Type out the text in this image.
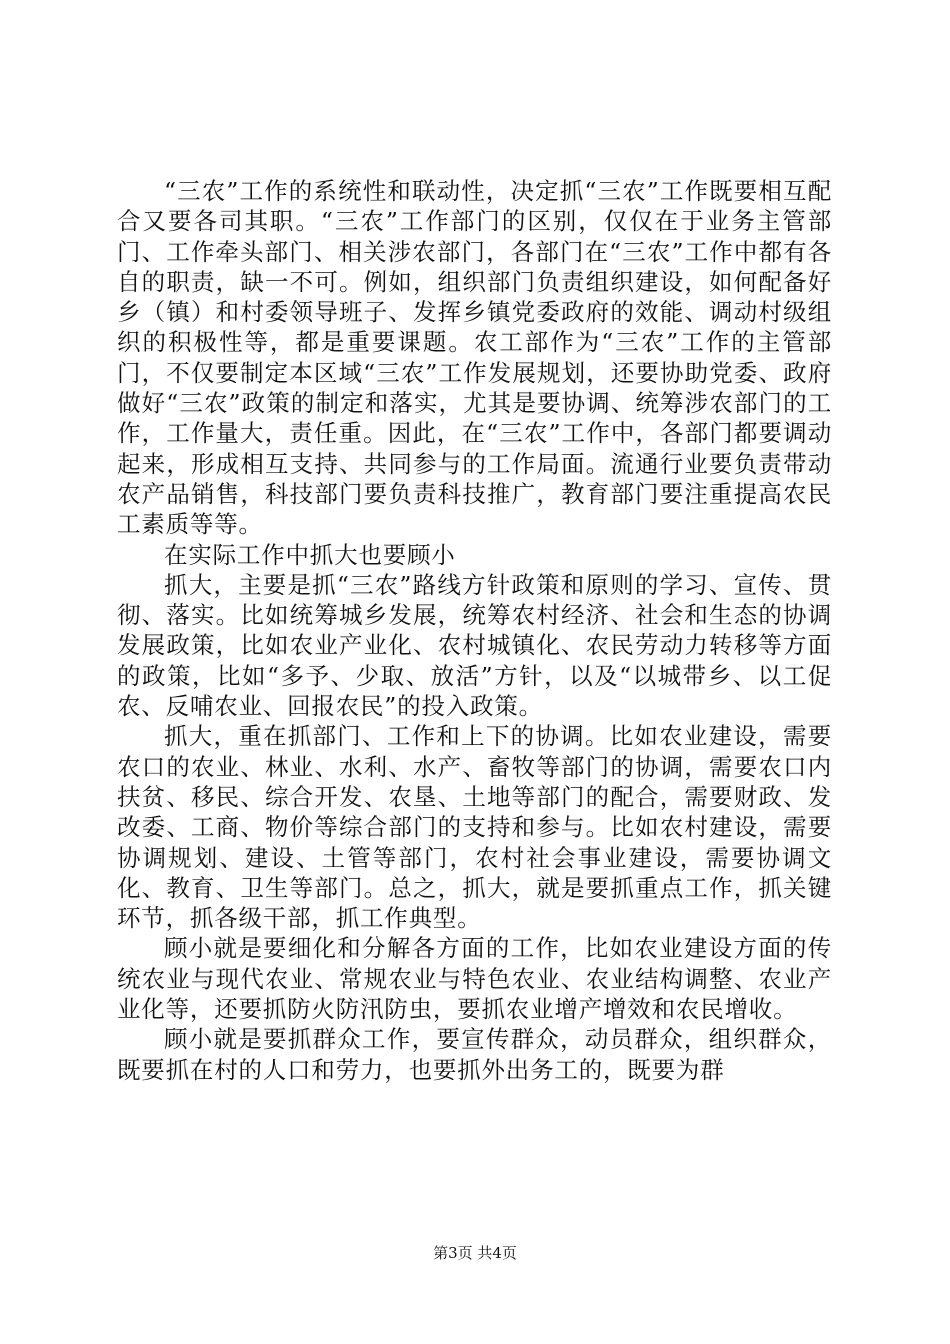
“三农”工作的系统性和联动性，决定抓“三农”工作既要相互配合又要各司其职。“三农”工作部门的区别，仅仅在于业务主管部门、工作牵头部门、相关涉农部门，各部门在“三农”工作中都有各自的职责，缺一不可。例如，组织部门负责组织建设，如何配备好乡（镇）和村委领导班子、发挥乡镇党委政府的效能、调动村级组织的积极性等，都是重要课题。农工部作为“三农”工作的主管部门，不仅要制定本区域“三农”工作发展规划，还要协助党委、政府做好“三农”政策的制定和落实，尤其是要协调、统筹涉农部门的工作，工作量大，责任重。因此，在“三农”工作中，各部门都要调动起来，形成相互支持、共同参与的工作局面。流通行业要负责带动农产品销售，科技部门要负责科技推广，教育部门要注重提高农民工素质等等。

在实际工作中抓大也要顾小

抓大，主要是抓“三农”路线方针政策和原则的学习、宣传、贯彻、落实。比如统筹城乡发展，统筹农村经济、社会和生态的协调发展政策，比如农业产业化、农村城镇化、农民劳动力转移等方面的政策，比如“多予、少取、放活”方针，以及“以城带乡、以工促农、反哺农业、回报农民”的投入政策。

抓大，重在抓部门、工作和上下的协调。比如农业建设，需要农口的农业、林业、水利、水产、畜牧等部门的协调，需要农口内扶贫、移民、综合开发、农垦、土地等部门的配合，需要财政、发改委、工商、物价等综合部门的支持和参与。比如农村建设，需要协调规划、建设、土管等部门，农村社会事业建设，需要协调文化、教育、卫生等部门。总之，抓大，就是要抓重点工作，抓关键环节，抓各级干部，抓工作典型。

顾小就是要细化和分解各方面的工作，比如农业建设方面的传统农业与现代农业、常规农业与特色农业、农业结构调整、农业产业化等，还要抓防火防汛防虫，要抓农业增产增效和农民增收。

顾小就是要抓群众工作，要宣传群众，动员群众，组织群众，既要抓在村的人口和劳力，也要抓外出务工的，既要为群

第3页 共4页
